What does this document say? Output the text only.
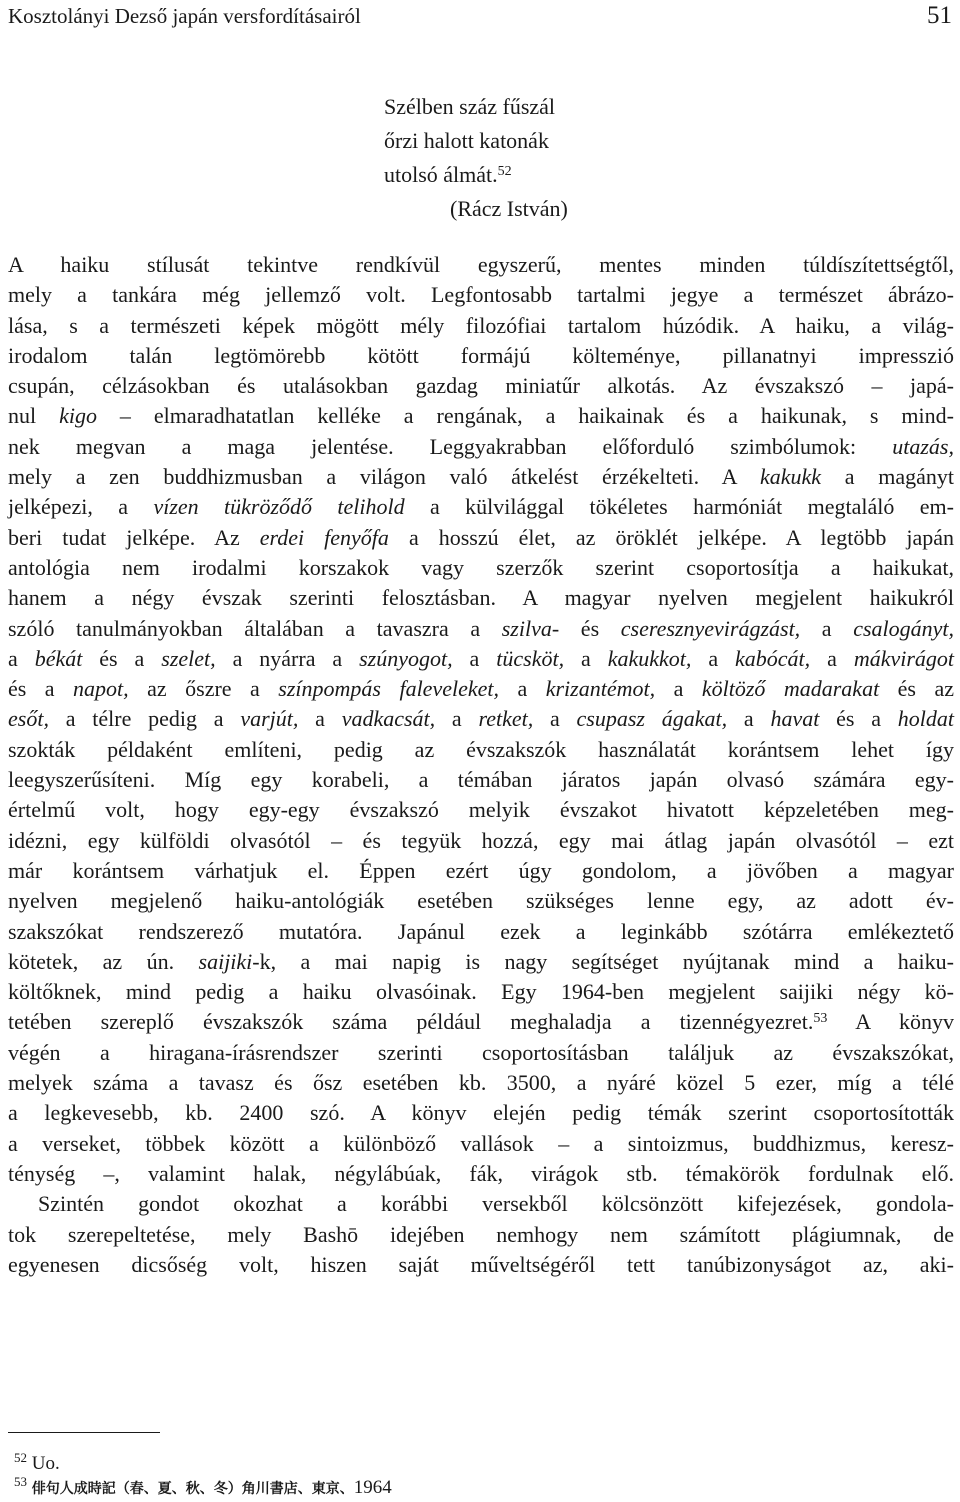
Kosztolányi Dezső japán versfordításairól	51
Szélben száz fűszál
őrzi halott katonák
utolsó álmát.$^{52}$
(Rácz István)

A haiku stílusát tekintve rendkívül egyszerű, mentes minden túldíszítettségtől,

mely a tankára még jellemző volt. Legfontosabb tartalmi jegye a természet ábrázo-

lása, s a természeti képek mögött mély filozófiai tartalom húzódik. A haiku, a világ-

irodalom talán legtömörebb kötött formájú költeménye, pillanatnyi impresszió

csupán, célzásokban és utalásokban gazdag miniatűr alkotás. Az évszakszó – japá-

nul kigo – elmaradhatatlan kelléke a rengának, a haikainak és a haikunak, s mind-

nek megvan a maga jelentése. Leggyakrabban előforduló szimbólumok: utazás,

mely a zen buddhizmusban a világon való átkelést érzékelteti. A kakukk a magányt

jelképezi, a vízen tükröződő telihold a külvilággal tökéletes harmóniát megtaláló em-

beri tudat jelképe. Az erdei fenyőfa a hosszú élet, az öröklét jelképe. A legtöbb japán

antológia nem irodalmi korszakok vagy szerzők szerint csoportosítja a haikukat,

hanem a négy évszak szerinti felosztásban. A magyar nyelven megjelent haikukról

szóló tanulmányokban általában a tavaszra a szilva- és cseresznyevirágzást, a csalogányt,

a békát és a szelet, a nyárra a szúnyogot, a tücsköt, a kakukkot, a kabócát, a mákvirágot

és a napot, az őszre a színpompás faleveleket, a krizantémot, a költöző madarakat és az

esőt, a télre pedig a varjút, a vadkacsát, a retket, a csupasz ágakat, a havat és a holdat

szokták példaként említeni, pedig az évszakszók használatát korántsem lehet így

leegyszerűsíteni. Míg egy korabeli, a témában járatos japán olvasó számára egy-

értelmű volt, hogy egy-egy évszakszó melyik évszakot hivatott képzeletében meg-

idézni, egy külföldi olvasótól – és tegyük hozzá, egy mai átlag japán olvasótól – ezt

már korántsem várhatjuk el. Éppen ezért úgy gondolom, a jövőben a magyar

nyelven megjelenő haiku-antológiák esetében szükséges lenne egy, az adott év-

szakszókat rendszerező mutatóra. Japánul ezek a leginkább szótárra emlékeztető

kötetek, az ún. saijiki-k, a mai napig is nagy segítséget nyújtanak mind a haiku-

költőknek, mind pedig a haiku olvasóinak. Egy 1964-ben megjelent saijiki négy kö-

tetében szereplő évszakszók száma például meghaladja a tizennégyezret.$^{53}$ A könyv

végén a hiragana-írásrendszer szerinti csoportosításban találjuk az évszakszókat,

melyek száma a tavasz és ősz esetében kb. 3500, a nyáré közel 5 ezer, míg a télé

a legkevesebb, kb. 2400 szó. A könyv elején pedig témák szerint csoportosították

a verseket, többek között a különböző vallások – a sintoizmus, buddhizmus, keresz-

ténység –, valamint halak, négylábúak, fák, virágok stb. témakörök fordulnak elő.

Szintén gondot okozhat a korábbi versekből kölcsönzött kifejezések, gondola-

tok szerepeltetése, mely Bashō idejében nemhogy nem számított plágiumnak, de

egyenesen dicsőség volt, hiszen saját műveltségéről tett tanúbizonyságot az, aki-

$^{52}$ Uo.
$^{53}$ 俳句人成時記（春、夏、秋、冬）角川書店、東京、1964
